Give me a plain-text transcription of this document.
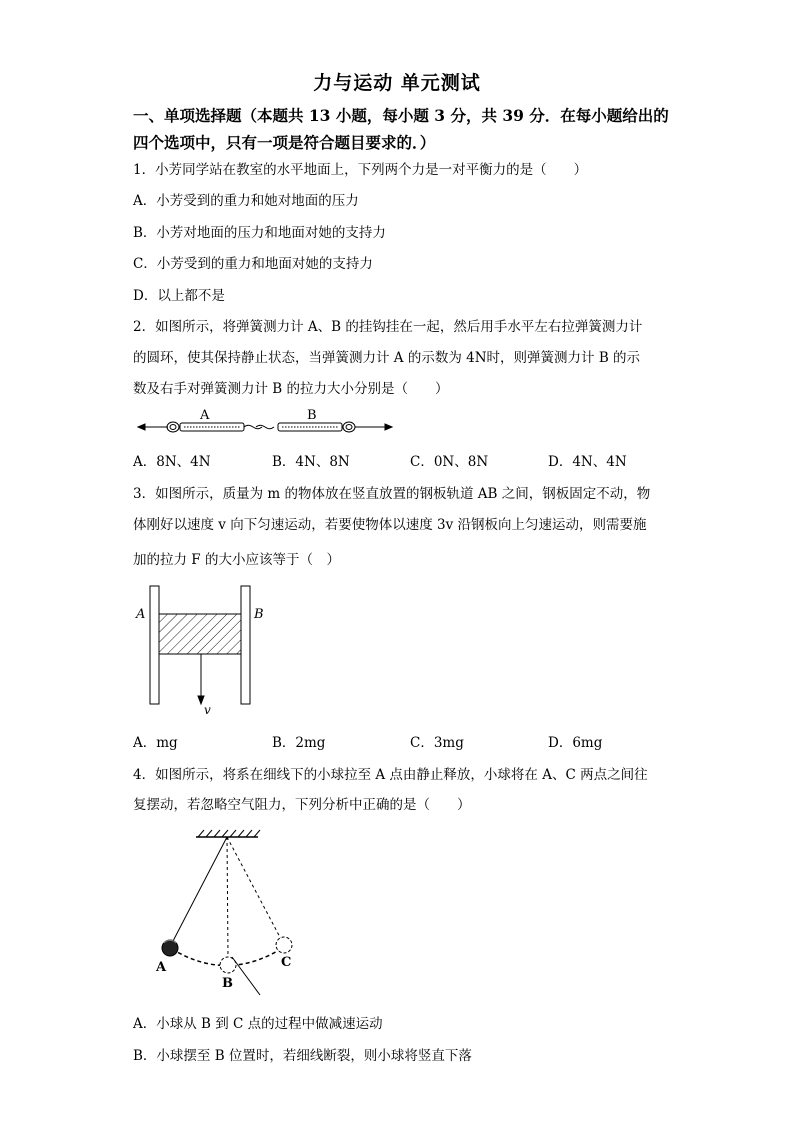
力与运动 单元测试
一、单项选择题（本题共 13 小题，每小题 3 分，共 39 分．在每小题给出的
四个选项中，只有一项是符合题目要求的．）
1．小芳同学站在教室的水平地面上，下列两个力是一对平衡力的是（　　）
A．小芳受到的重力和她对地面的压力
B．小芳对地面的压力和地面对她的支持力
C．小芳受到的重力和地面对她的支持力
D．以上都不是
2．如图所示，将弹簧测力计 A、B 的挂钩挂在一起，然后用手水平左右拉弹簧测力计
的圆环，使其保持静止状态，当弹簧测力计 A 的示数为 4N时，则弹簧测力计 B 的示
数及右手对弹簧测力计 B 的拉力大小分别是（　　）
A	B
A．8N、4N	B．4N、8N	C．0N、8N	D．4N、4N
3．如图所示，质量为 m 的物体放在竖直放置的钢板轨道 AB 之间，钢板固定不动，物
体刚好以速度 v 向下匀速运动，若要使物体以速度 3v 沿钢板向上匀速运动，则需要施
加的拉力 F 的大小应该等于（　）
A	B
v
A．mg	B．2mg	C．3mg	D．6mg
4．如图所示，将系在细线下的小球拉至 A 点由静止释放，小球将在 A、C 两点之间往
复摆动，若忽略空气阻力，下列分析中正确的是（　　）
A
B
C
A．小球从 B 到 C 点的过程中做减速运动
B．小球摆至 B 位置时，若细线断裂，则小球将竖直下落
